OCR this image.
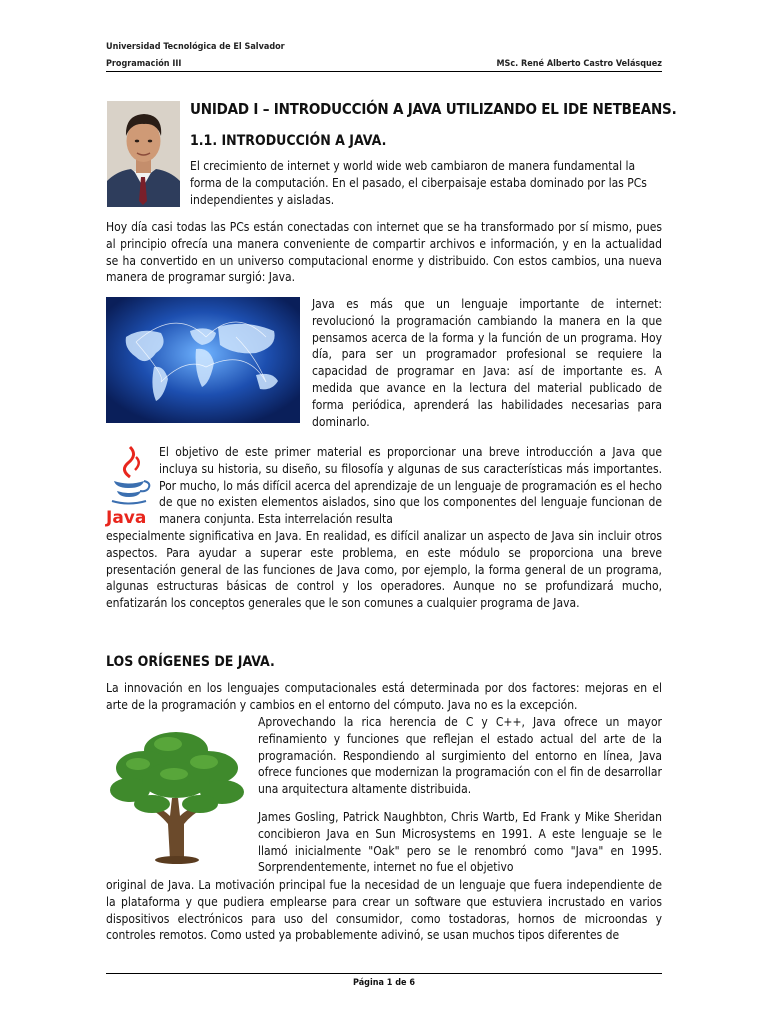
Universidad Tecnológica de El Salvador
Programación III	MSc. René Alberto Castro Velásquez
UNIDAD I – INTRODUCCIÓN A JAVA UTILIZANDO EL IDE NETBEANS.
1.1. INTRODUCCIÓN A JAVA.
El crecimiento de internet y world wide web cambiaron de manera fundamental la forma de la computación. En el pasado, el ciberpaisaje estaba dominado por las PCs independientes y aisladas.
Hoy día casi todas las PCs están conectadas con internet que se ha transformado por sí mismo, pues al principio ofrecía una manera conveniente de compartir archivos e información, y en la actualidad se ha convertido en un universo computacional enorme y distribuido. Con estos cambios, una nueva manera de programar surgió: Java.
Java es más que un lenguaje importante de internet: revolucionó la programación cambiando la manera en la que pensamos acerca de la forma y la función de un programa. Hoy día, para ser un programador profesional se requiere la capacidad de programar en Java: así de importante es. A medida que avance en la lectura del material publicado de forma periódica, aprenderá las habilidades necesarias para dominarlo.
Java
El objetivo de este primer material es proporcionar una breve introducción a Java que incluya su historia, su diseño, su filosofía y algunas de sus características más importantes. Por mucho, lo más difícil acerca del aprendizaje de un lenguaje de programación es el hecho de que no existen elementos aislados, sino que los componentes del lenguaje funcionan de manera conjunta. Esta interrelación resulta
especialmente significativa en Java. En realidad, es difícil analizar un aspecto de Java sin incluir otros aspectos. Para ayudar a superar este problema, en este módulo se proporciona una breve presentación general de las funciones de Java como, por ejemplo, la forma general de un programa, algunas estructuras básicas de control y los operadores. Aunque no se profundizará mucho, enfatizarán los conceptos generales que le son comunes a cualquier programa de Java.
LOS ORÍGENES DE JAVA.
La innovación en los lenguajes computacionales está determinada por dos factores: mejoras en el arte de la programación y cambios en el entorno del cómputo. Java no es la excepción.
Aprovechando la rica herencia de C y C++, Java ofrece un mayor refinamiento y funciones que reflejan el estado actual del arte de la programación. Respondiendo al surgimiento del entorno en línea, Java ofrece funciones que modernizan la programación con el fin de desarrollar una arquitectura altamente distribuida.
James Gosling, Patrick Naughbton, Chris Wartb, Ed Frank y Mike Sheridan concibieron Java en Sun Microsystems en 1991. A este lenguaje se le llamó inicialmente "Oak" pero se le renombró como "Java" en 1995. Sorprendentemente, internet no fue el objetivo
original de Java. La motivación principal fue la necesidad de un lenguaje que fuera independiente de la plataforma y que pudiera emplearse para crear un software que estuviera incrustado en varios dispositivos electrónicos para uso del consumidor, como tostadoras, hornos de microondas y controles remotos. Como usted ya probablemente adivinó, se usan muchos tipos diferentes de
Página 1 de 6
